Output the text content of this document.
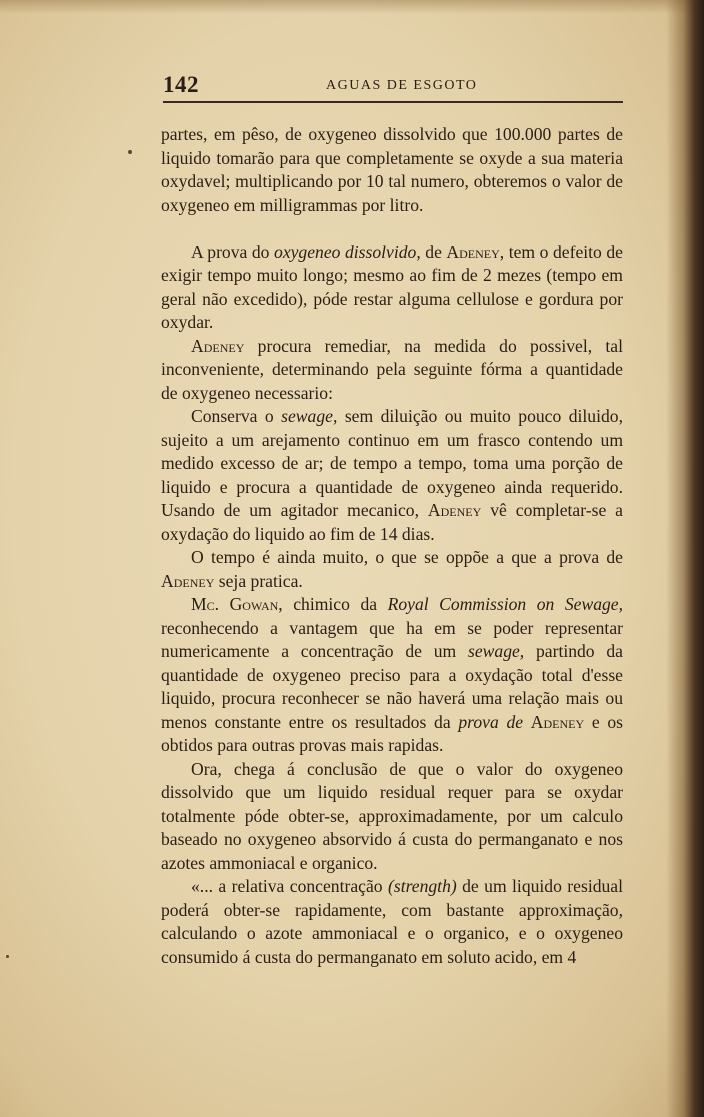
142	AGUAS DE ESGOTO

partes, em pêso, de oxygeneo dissolvido que 100.000 partes de liquido tomarão para que completamente se oxyde a sua materia oxydavel; multiplicando por 10 tal numero, obteremos o valor de oxygeneo em milligrammas por litro.

A prova do oxygeneo dissolvido, de Adeney, tem o defeito de exigir tempo muito longo; mesmo ao fim de 2 mezes (tempo em geral não excedido), póde restar alguma cellulose e gordura por oxydar.

Adeney procura remediar, na medida do possivel, tal inconveniente, determinando pela seguinte fórma a quantidade de oxygeneo necessario:

Conserva o sewage, sem diluição ou muito pouco diluido, sujeito a um arejamento continuo em um frasco contendo um medido excesso de ar; de tempo a tempo, toma uma porção de liquido e procura a quantidade de oxygeneo ainda requerido. Usando de um agitador mecanico, Adeney vê completar-se a oxydação do liquido ao fim de 14 dias.

O tempo é ainda muito, o que se oppõe a que a prova de Adeney seja pratica.

Mc. Gowan, chimico da Royal Commission on Sewage, reconhecendo a vantagem que ha em se poder representar numericamente a concentração de um sewage, partindo da quantidade de oxygeneo preciso para a oxydação total d'esse liquido, procura reconhecer se não haverá uma relação mais ou menos constante entre os resultados da prova de Adeney e os obtidos para outras provas mais rapidas.

Ora, chega á conclusão de que o valor do oxygeneo dissolvido que um liquido residual requer para se oxydar totalmente póde obter-se, approximadamente, por um calculo baseado no oxygeneo absorvido á custa do permanganato e nos azotes ammoniacal e organico.

«... a relativa concentração (strength) de um liquido residual poderá obter-se rapidamente, com bastante approximação, calculando o azote ammoniacal e o organico, e o oxygeneo consumido á custa do permanganato em soluto acido, em 4
